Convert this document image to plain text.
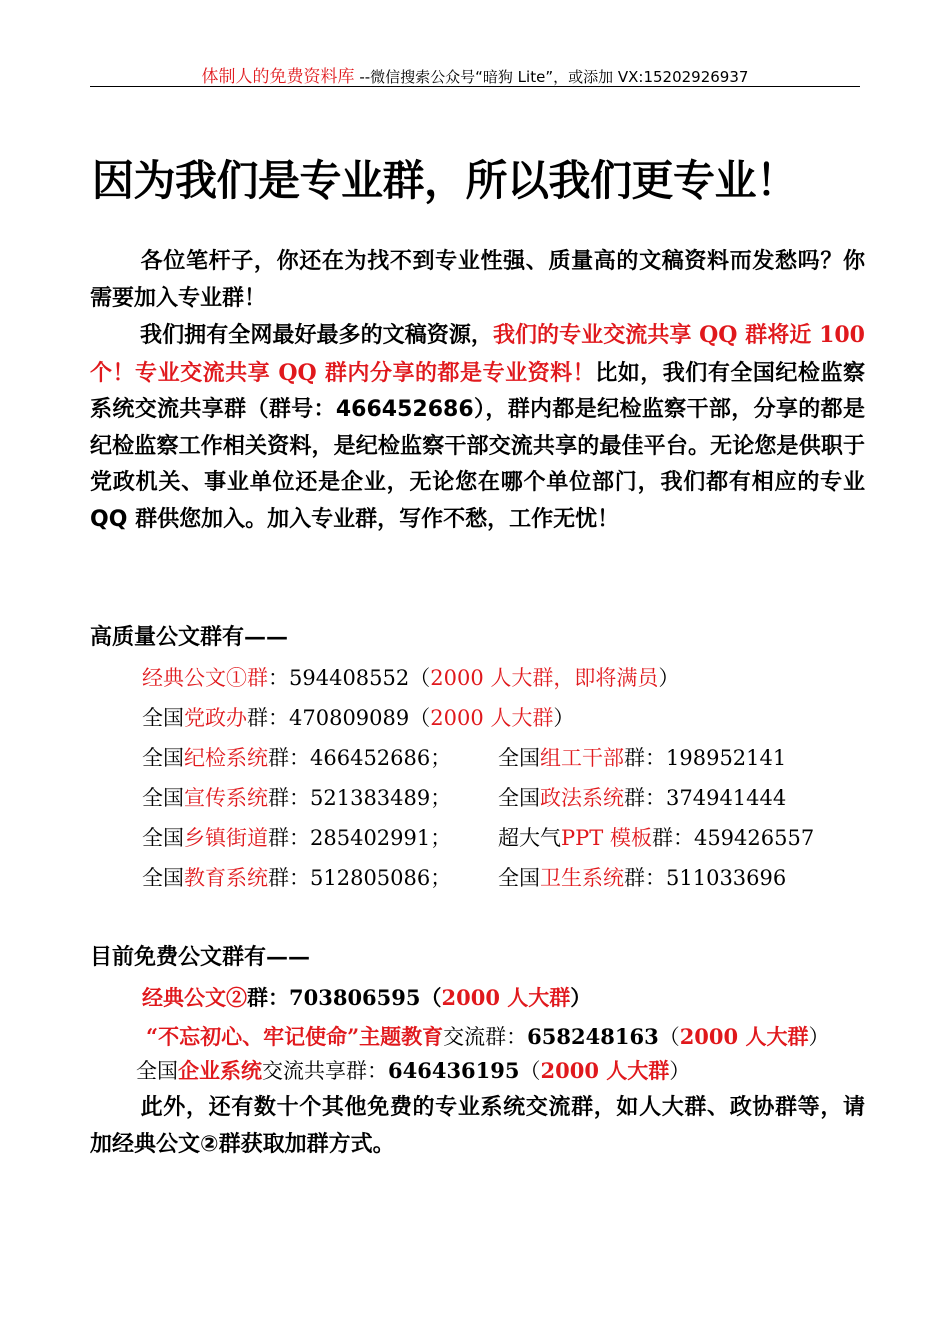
体制人的免费资料库 --微信搜索公众号“暗狗 Lite”，或添加 VX:15202926937
因为我们是专业群，所以我们更专业！
各位笔杆子，你还在为找不到专业性强、质量高的文稿资料而发愁吗？你需要加入专业群！
我们拥有全网最好最多的文稿资源，我们的专业交流共享 QQ 群将近 100 个！专业交流共享 QQ 群内分享的都是专业资料！比如，我们有全国纪检监察系统交流共享群（群号：466452686），群内都是纪检监察干部，分享的都是纪检监察工作相关资料，是纪检监察干部交流共享的最佳平台。无论您是供职于党政机关、事业单位还是企业，无论您在哪个单位部门，我们都有相应的专业 QQ 群供您加入。加入专业群，写作不愁，工作无忧！
高质量公文群有——
经典公文①群：594408552（2000 人大群，即将满员）
全国党政办群：470809089（2000 人大群）
全国纪检系统群：466452686； 全国组工干部群：198952141
全国宣传系统群：521383489； 全国政法系统群：374941444
全国乡镇街道群：285402991； 超大气PPT 模板群：459426557
全国教育系统群：512805086； 全国卫生系统群：511033696
目前免费公文群有——
经典公文②群：703806595（2000 人大群）
“不忘初心、牢记使命”主题教育交流群：658248163（2000 人大群）
全国企业系统交流共享群：646436195（2000 人大群）
此外，还有数十个其他免费的专业系统交流群，如人大群、政协群等，请加经典公文②群获取加群方式。
